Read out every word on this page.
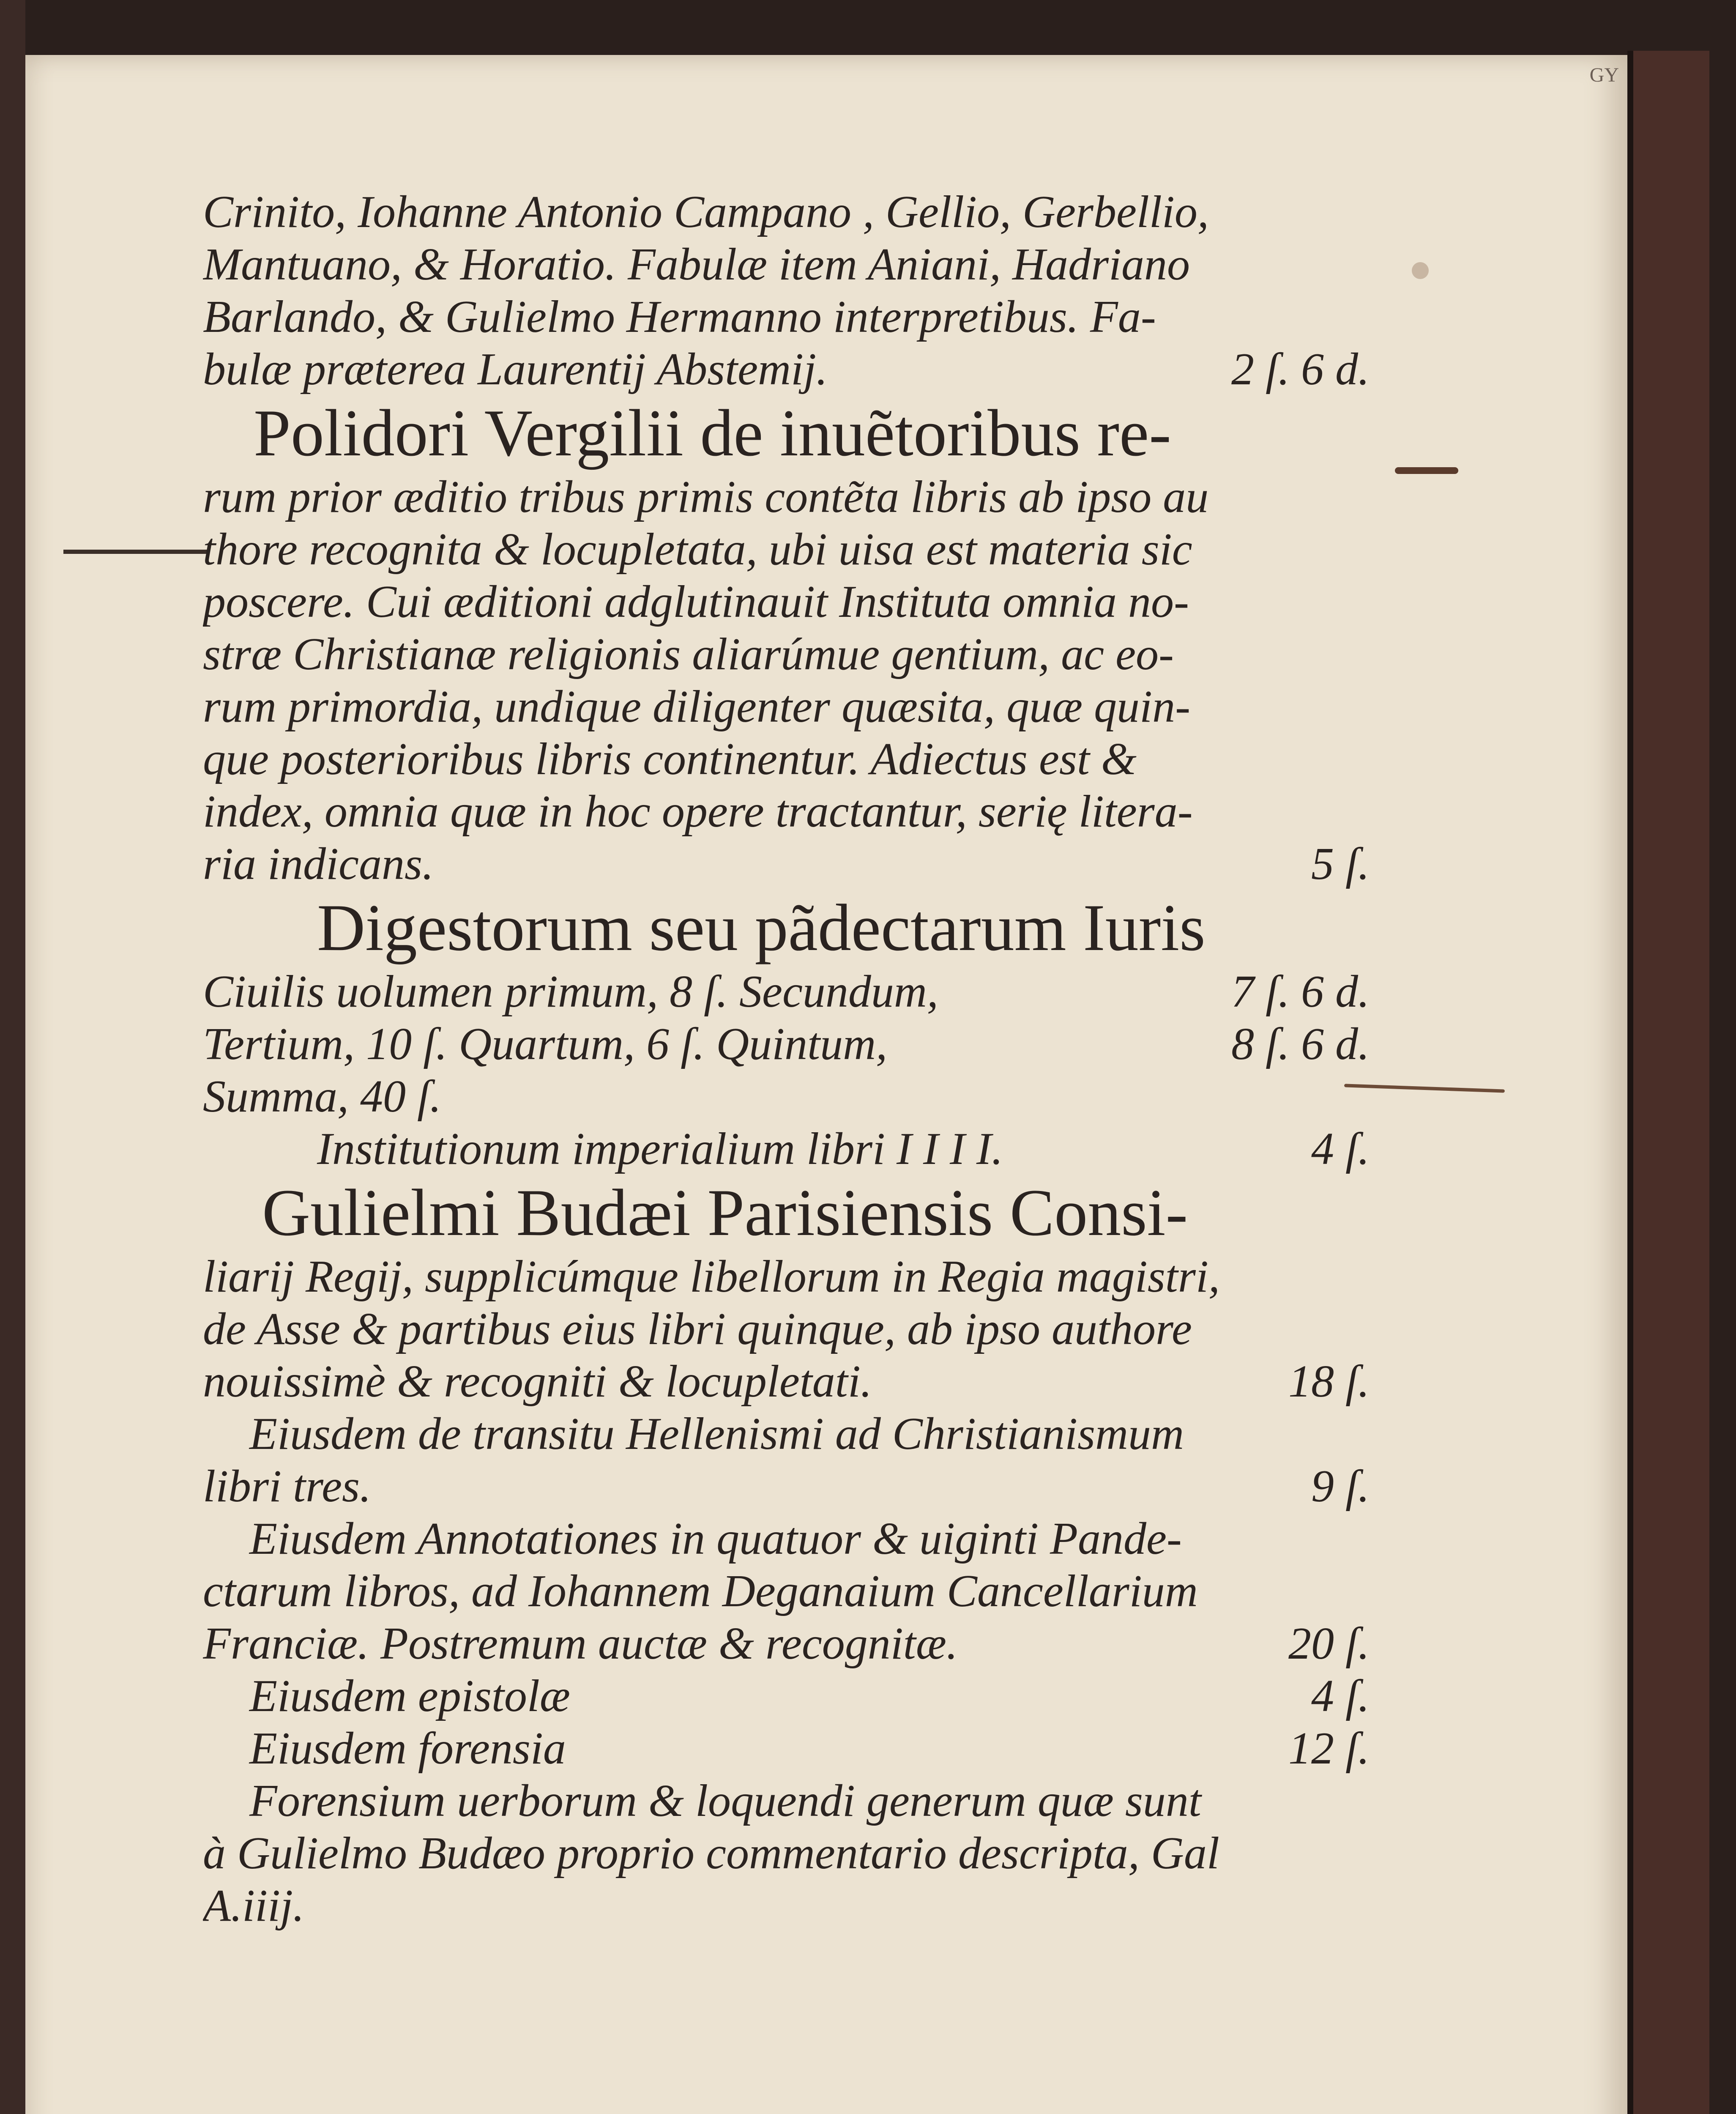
GY
Crinito, Iohanne Antonio Campano , Gellio, Gerbellio,
Mantuano, & Horatio. Fabulæ item Aniani, Hadriano
Barlando, & Gulielmo Hermanno interpretibus. Fa-
bulæ præterea Laurentij Abstemij.	2 ſ. 6 d.
Polidori Vergilii de inuẽtoribus re-
rum prior æditio tribus primis contẽta libris ab ipso au
thore recognita & locupletata, ubi uisa est materia sic
poscere. Cui æditioni adglutinauit Instituta omnia no-
stræ Christianæ religionis aliarúmue gentium, ac eo-
rum primordia, undique diligenter quæsita, quæ quin-
que posterioribus libris continentur. Adiectus est &
index, omnia quæ in hoc opere tractantur, serię litera-
ria indicans.	5 ſ.
Digestorum seu pãdectarum Iuris
Ciuilis uolumen primum, 8 ſ. Secundum,	7 ſ. 6 d.
Tertium, 10 ſ. Quartum, 6 ſ. Quintum,	8 ſ. 6 d.
Summa, 40 ſ.
Institutionum imperialium libri I I I I.	4 ſ.
Gulielmi Budæi Parisiensis Consi-
liarij Regij, supplicúmque libellorum in Regia magistri,
de Asse & partibus eius libri quinque, ab ipso authore
nouissimè & recogniti & locupletati.	18 ſ.
Eiusdem de transitu Hellenismi ad Christianismum
libri tres.	9 ſ.
Eiusdem Annotationes in quatuor & uiginti Pande-
ctarum libros, ad Iohannem Deganaium Cancellarium
Franciæ. Postremum auctæ & recognitæ.	20 ſ.
Eiusdem epistolæ	4 ſ.
Eiusdem forensia	12 ſ.
Forensium uerborum & loquendi generum quæ sunt
à Gulielmo Budæo proprio commentario descripta, Gal
A.iiij.
